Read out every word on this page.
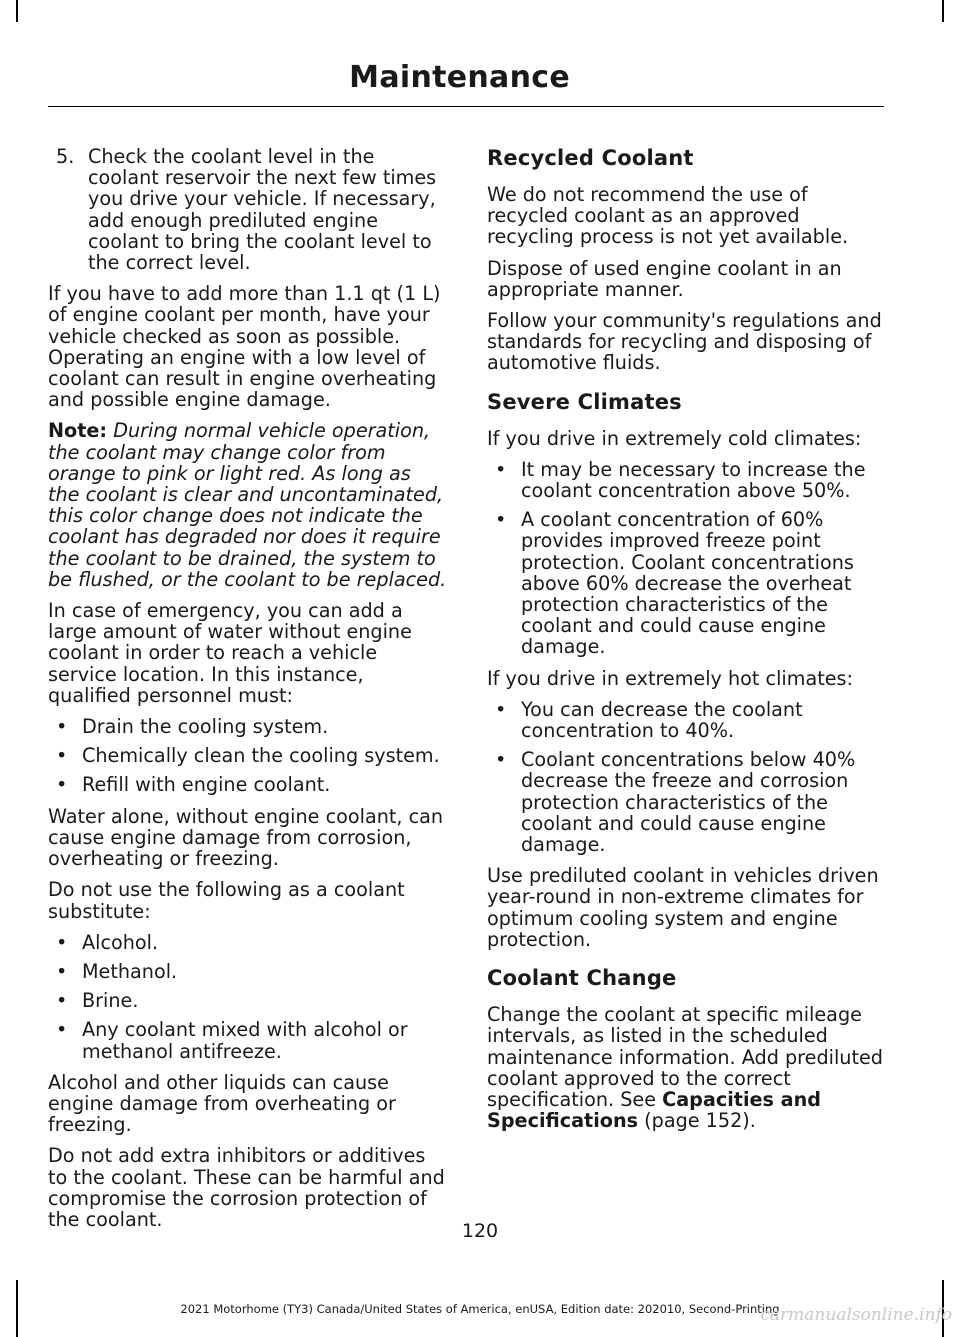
Maintenance
5. Check the coolant level in the coolant reservoir the next few times you drive your vehicle. If necessary, add enough prediluted engine coolant to bring the coolant level to the correct level.

If you have to add more than 1.1 qt (1 L) of engine coolant per month, have your vehicle checked as soon as possible. Operating an engine with a low level of coolant can result in engine overheating and possible engine damage.

Note: During normal vehicle operation, the coolant may change color from orange to pink or light red. As long as the coolant is clear and uncontaminated, this color change does not indicate the coolant has degraded nor does it require the coolant to be drained, the system to be flushed, or the coolant to be replaced.

In case of emergency, you can add a large amount of water without engine coolant in order to reach a vehicle service location. In this instance, qualified personnel must:

• Drain the cooling system.
• Chemically clean the cooling system.
• Refill with engine coolant.

Water alone, without engine coolant, can cause engine damage from corrosion, overheating or freezing.

Do not use the following as a coolant substitute:

• Alcohol.
• Methanol.
• Brine.
• Any coolant mixed with alcohol or methanol antifreeze.

Alcohol and other liquids can cause engine damage from overheating or freezing.

Do not add extra inhibitors or additives to the coolant. These can be harmful and compromise the corrosion protection of the coolant.

Recycled Coolant

We do not recommend the use of recycled coolant as an approved recycling process is not yet available.

Dispose of used engine coolant in an appropriate manner.

Follow your community's regulations and standards for recycling and disposing of automotive fluids.

Severe Climates

If you drive in extremely cold climates:

• It may be necessary to increase the coolant concentration above 50%.
• A coolant concentration of 60% provides improved freeze point protection. Coolant concentrations above 60% decrease the overheat protection characteristics of the coolant and could cause engine damage.

If you drive in extremely hot climates:

• You can decrease the coolant concentration to 40%.
• Coolant concentrations below 40% decrease the freeze and corrosion protection characteristics of the coolant and could cause engine damage.

Use prediluted coolant in vehicles driven year-round in non-extreme climates for optimum cooling system and engine protection.

Coolant Change

Change the coolant at specific mileage intervals, as listed in the scheduled maintenance information. Add prediluted coolant approved to the correct specification. See Capacities and Specifications (page 152).

120
2021 Motorhome (TY3) Canada/United States of America, enUSA, Edition date: 202010, Second-Printing
carmanualsonline.info
